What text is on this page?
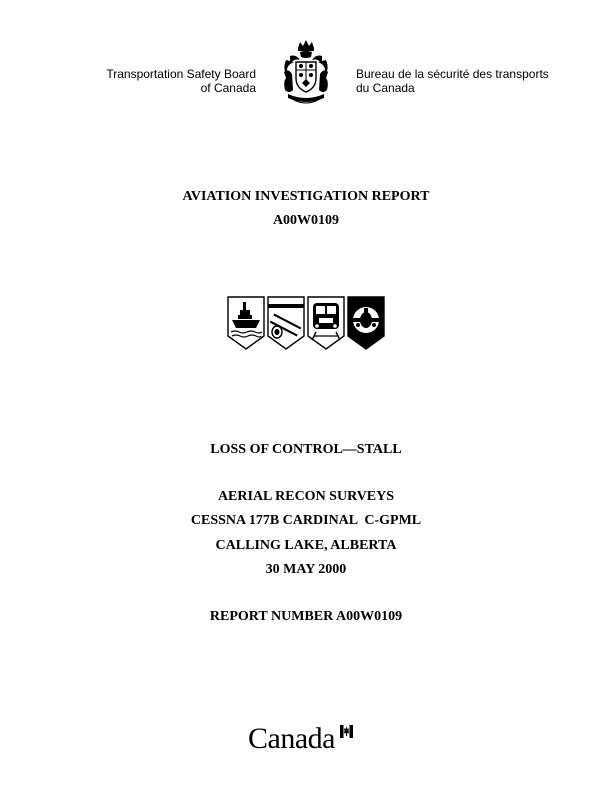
Transportation Safety Board
of Canada
Bureau de la sécurité des transports
du Canada
AVIATION INVESTIGATION REPORT
A00W0109
LOSS OF CONTROL—STALL
AERIAL RECON SURVEYS
CESSNA 177B CARDINAL  C-GPML
CALLING LAKE, ALBERTA
30 MAY 2000
REPORT NUMBER A00W0109
Canada
